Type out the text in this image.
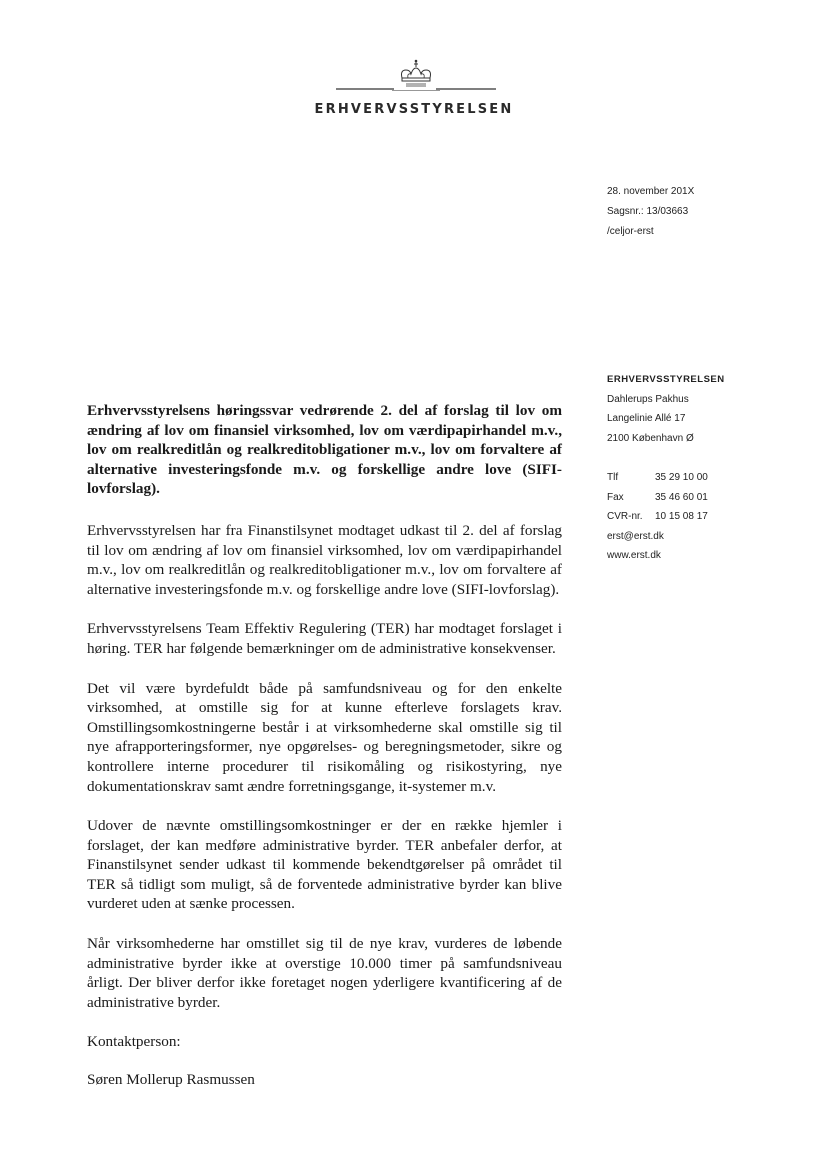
ERHVERVSSTYRELSEN
28. november 201X
Sagsnr.: 13/03663
/celjor-erst
ERHVERVSSTYRELSEN
Dahlerups Pakhus
Langelinie Allé 17
2100 København Ø
Tlf	35 29 10 00
Fax	35 46 60 01
CVR-nr.	10 15 08 17
erst@erst.dk
www.erst.dk

Erhvervsstyrelsens høringssvar vedrørende 2. del af forslag til lov om ændring af lov om finansiel virksomhed, lov om værdipapirhandel m.v., lov om realkreditlån og realkreditobligationer m.v., lov om forvaltere af alternative investeringsfonde m.v. og forskellige andre love (SIFI-lovforslag).

Erhvervsstyrelsen har fra Finanstilsynet modtaget udkast til 2. del af forslag til lov om ændring af lov om finansiel virksomhed, lov om værdipapirhandel m.v., lov om realkreditlån og realkreditobligationer m.v., lov om forvaltere af alternative investeringsfonde m.v. og forskellige andre love (SIFI-lovforslag).

Erhvervsstyrelsens Team Effektiv Regulering (TER) har modtaget forslaget i høring. TER har følgende bemærkninger om de administrative konsekvenser.

Det vil være byrdefuldt både på samfundsniveau og for den enkelte virksomhed, at omstille sig for at kunne efterleve forslagets krav. Omstillingsomkostningerne består i at virksomhederne skal omstille sig til nye afrapporteringsformer, nye opgørelses- og beregningsmetoder, sikre og kontrollere interne procedurer til risikomåling og risikostyring, nye dokumentationskrav samt ændre forretningsgange, it-systemer m.v.

Udover de nævnte omstillingsomkostninger er der en række hjemler i forslaget, der kan medføre administrative byrder. TER anbefaler derfor, at Finanstilsynet sender udkast til kommende bekendtgørelser på området til TER så tidligt som muligt, så de forventede administrative byrder kan blive vurderet uden at sænke processen.

Når virksomhederne har omstillet sig til de nye krav, vurderes de løbende administrative byrder ikke at overstige 10.000 timer på samfundsniveau årligt. Der bliver derfor ikke foretaget nogen yderligere kvantificering af de administrative byrder.

Kontaktperson:

Søren Mollerup Rasmussen
